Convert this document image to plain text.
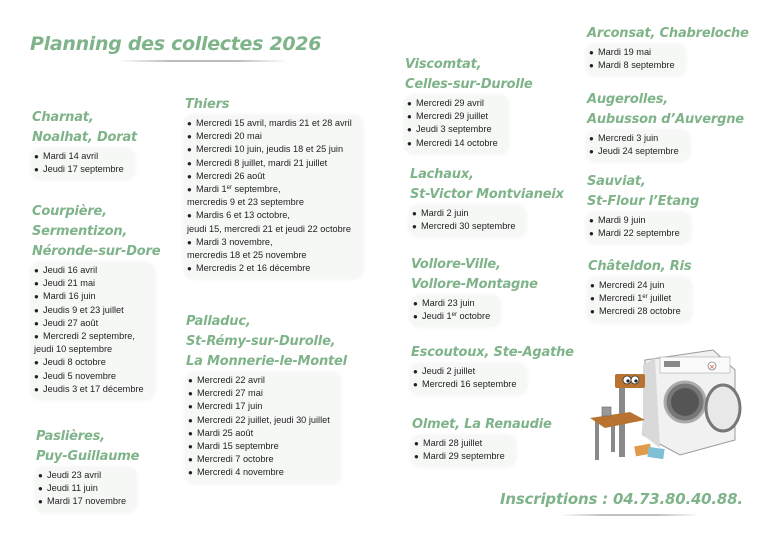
Planning des collectes 2026
Charnat,
Noalhat, Dorat
● Mardi 14 avril
● Jeudi 17 septembre
Courpière,
Sermentizon,
Néronde-sur-Dore
● Jeudi 16 avril
● Jeudi 21 mai
● Mardi 16 juin
● Jeudis 9 et 23 juillet
● Jeudi 27 août
● Mercredi 2 septembre,
jeudi 10 septembre
● Jeudi 8 octobre
● Jeudi 5 novembre
● Jeudis 3 et 17 décembre
Paslières,
Puy-Guillaume
● Jeudi 23 avril
● Jeudi 11 juin
● Mardi 17 novembre
Thiers
● Mercredi 15 avril, mardis 21 et 28 avril
● Mercredi 20 mai
● Mercredi 10 juin, jeudis 18 et 25 juin
● Mercredi 8 juillet, mardi 21 juillet
● Mercredi 26 août
● Mardi 1er septembre,
mercredis 9 et 23 septembre
● Mardis 6 et 13 octobre,
jeudi 15, mercredi 21 et jeudi 22 octobre
● Mardi 3 novembre,
mercredis 18 et 25 novembre
● Mercredis 2 et 16 décembre
Palladuc,
St-Rémy-sur-Durolle,
La Monnerie-le-Montel
● Mercredi 22 avril
● Mercredi 27 mai
● Mercredi 17 juin
● Mercredi 22 juillet, jeudi 30 juillet
● Mardi 25 août
● Mardi 15 septembre
● Mercredi 7 octobre
● Mercredi 4 novembre
Viscomtat,
Celles-sur-Durolle
● Mercredi 29 avril
● Mercredi 29 juillet
● Jeudi 3 septembre
● Mercredi 14 octobre
Lachaux,
St-Victor Montvianeix
● Mardi 2 juin
● Mercredi 30 septembre
Vollore-Ville,
Vollore-Montagne
● Mardi 23 juin
● Jeudi 1er octobre
Escoutoux, Ste-Agathe
● Jeudi 2 juillet
● Mercredi 16 septembre
Olmet, La Renaudie
● Mardi 28 juillet
● Mardi 29 septembre
Arconsat, Chabreloche
● Mardi 19 mai
● Mardi 8 septembre
Augerolles,
Aubusson d’Auvergne
● Mercredi 3 juin
● Jeudi 24 septembre
Sauviat,
St-Flour l’Etang
● Mardi 9 juin
● Mardi 22 septembre
Châteldon, Ris
● Mercredi 24 juin
● Mercredi 1er juillet
● Mercredi 28 octobre
×
Inscriptions : 04.73.80.40.88.
